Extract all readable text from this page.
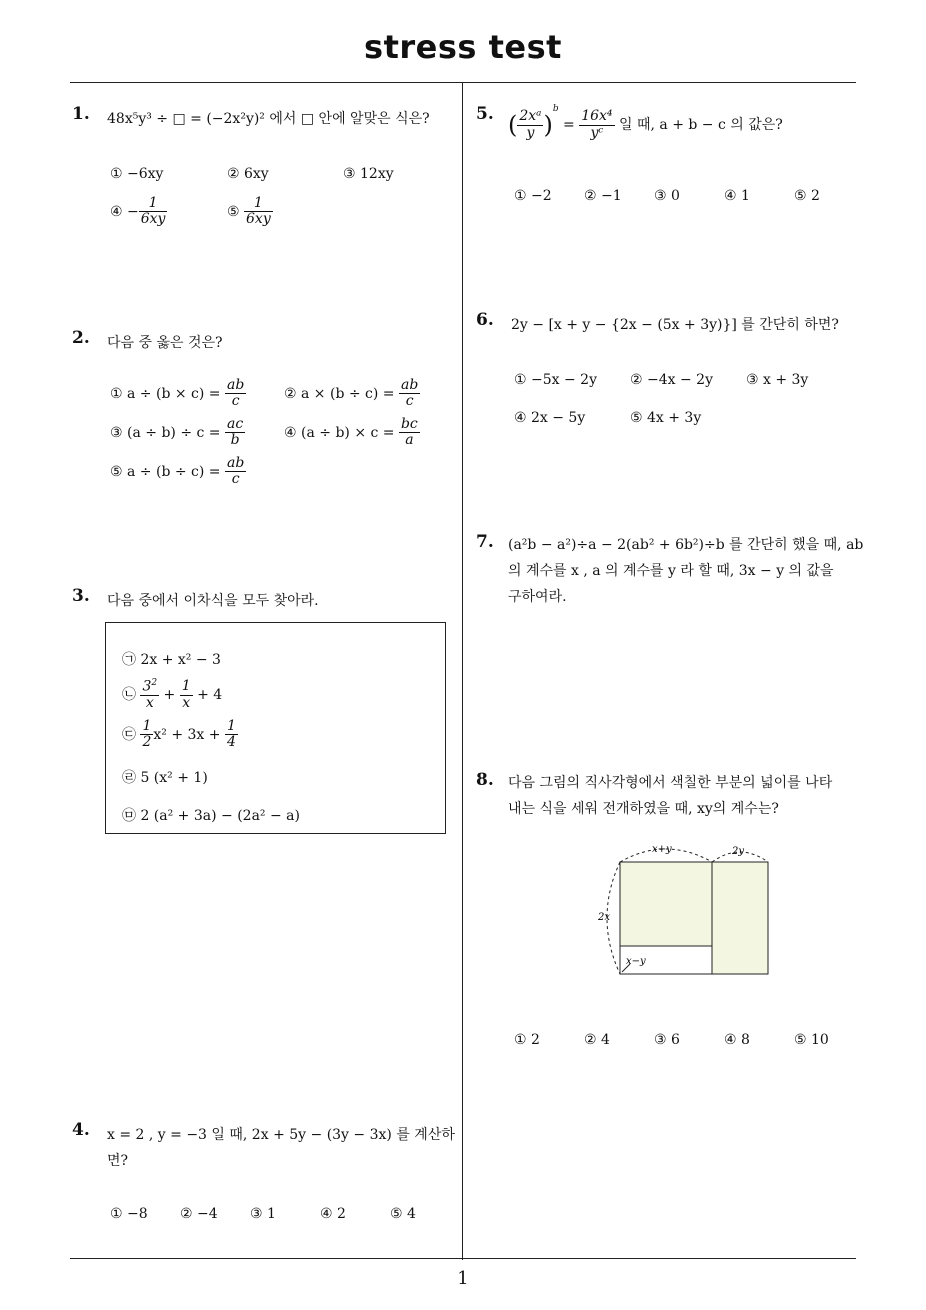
stress test
1
1. 48x⁵y³ ÷ □ = (−2x²y)² 에서 □ 안에 알맞은 식은?
① −6xy	② 6xy	③ 12xy
④ − $\frac{1}{6xy}$	⑤ $\frac{1}{6xy}$
2. 다음 중 옳은 것은?
① $a \div (b \times c) = \frac{ab}{c}$	② $a \times (b \div c) = \frac{ab}{c}$
③ $(a \div b) \div c = \frac{ac}{b}$	④ $(a \div b) \times c = \frac{bc}{a}$
⑤ $a \div (b \div c) = \frac{ab}{c}$
3. 다음 중에서 이차식을 모두 찾아라.
㉠ 2x + x² − 3
㉡ $\frac{3^2}{x} + \frac{1}{x} + 4$
㉢ $\frac{1}{2} x^2 + 3x + \frac{1}{4}$
㉣ 5 (x² + 1)
㉤ 2 (a² + 3a) − (2a² − a)
4. x = 2 , y = −3 일 때, 2x + 5y − (3y − 3x) 를 계산하면?
① −8 ② −4 ③ 1	④ 2	⑤ 4
5. ( $\frac{\text{2xᵃ}}{y} )^b = \frac{\text{16x⁴}}{\text{yᶜ}}$ 일 때, a + b − c 의 값은?
① −2 ② −1 ③ 0	④ 1	⑤ 2
6. 2y − [x + y − {2x − (5x + 3y)}] 를 간단히 하면?
① −5x − 2y ② −4x − 2y ③ x + 3y
④ 2x − 5y	⑤ 4x + 3y
7. (a²b − a²)÷a − 2(ab² + 6b²)÷b 를 간단히 했을 때, ab
의 계수를 x , a 의 계수를 y 라 할 때, 3x − y 의 값을
구하여라.
8. 다음 그림의 직사각형에서 색칠한 부분의 넓이를 나타
내는 식을 세워 전개하였을 때, xy의 계수는?
① 2	② 4	③ 6	④ 8	⑤ 10
x+y	2y
2x
x−y
